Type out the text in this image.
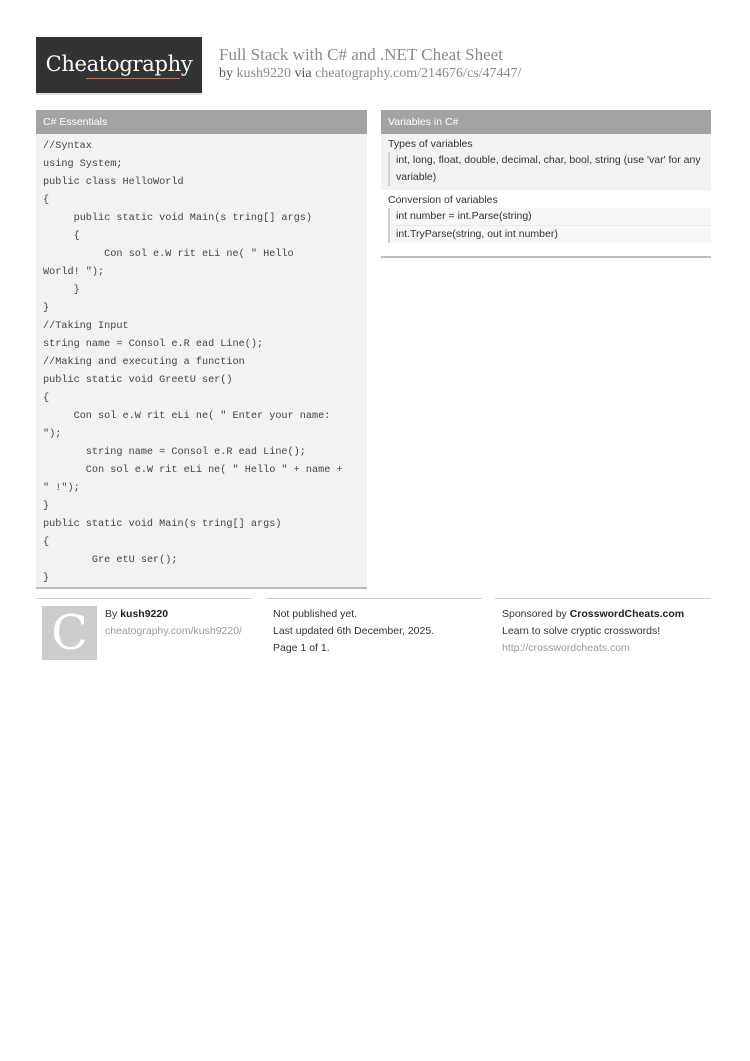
Cheatography Full Stack with C# and .NET Cheat Sheet
by kush9220 via cheatography.com/214676/cs/47447/
C# Essentials
//Syntax
using System;
public class HelloWorld
{
public static void Main(s tring[] args)
{
Con sol e.W rit eLi ne( " Hello
World! ");
}
}
//Taking Input
string name = Consol e.R ead Line();
//Making and executing a function
public static void GreetU ser()
{
Con sol e.W rit eLi ne( " Enter your name:
");
string name = Consol e.R ead Line();
Con sol e.W rit eLi ne( " Hello " + name +
" !");
}
public static void Main(s tring[] args)
{
Gre etU ser();
}
Variables in C#
Types of variables
int, long, float, double, decimal, char, bool, string (use 'var' for any variable)
Conversion of variables
int number = int.Parse(string)
int.TryParse(string, out int number)
C	By kush9220
cheatography.com/kush9220/
Not published yet.
Last updated 6th December, 2025.
Page 1 of 1.
Sponsored by CrosswordCheats.com
Learn to solve cryptic crosswords!
http://crosswordcheats.com
